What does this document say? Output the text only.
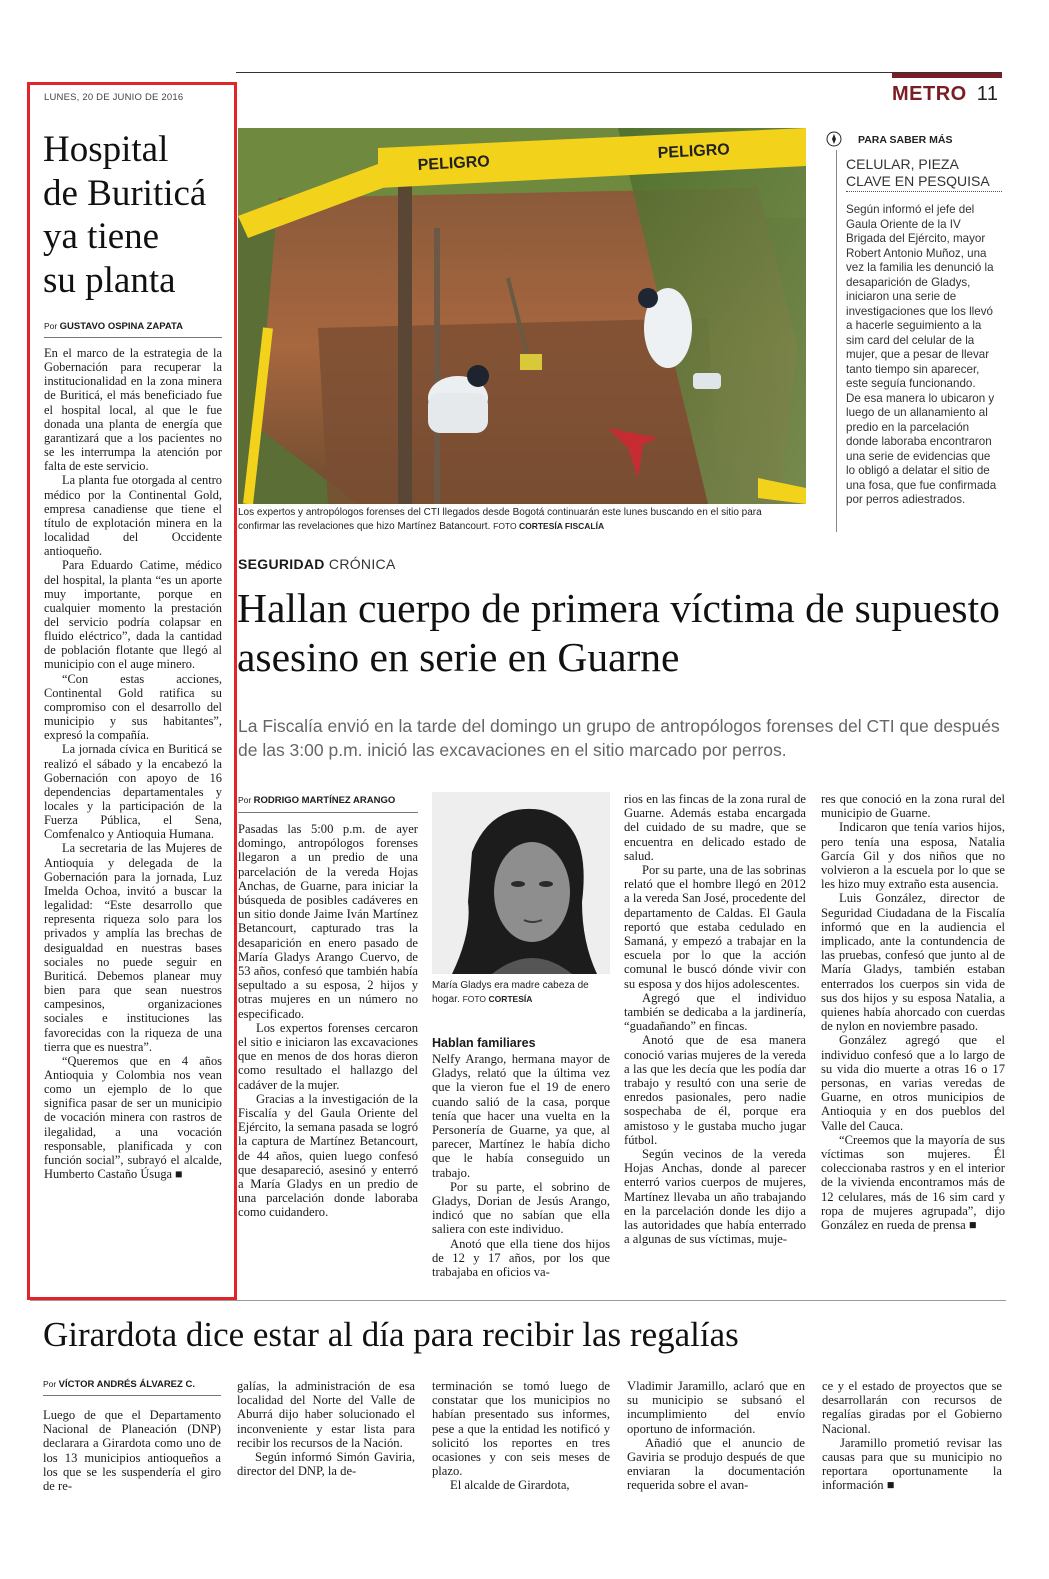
METRO 11
LUNES, 20 DE JUNIO DE 2016
Hospital
de Buriticá
ya tiene
su planta
Por GUSTAVO OSPINA ZAPATA

En el marco de la estrategia de la Gobernación para recuperar la institucionalidad en la zona minera de Buriticá, el más beneficiado fue el hospital local, al que le fue donada una planta de energía que garantizará que a los pacientes no se les interrumpa la atención por falta de este servicio.

La planta fue otorgada al centro médico por la Continental Gold, empresa canadiense que tiene el título de explotación minera en la localidad del Occidente antioqueño.

Para Eduardo Catime, médico del hospital, la planta “es un aporte muy importante, porque en cualquier momento la prestación del servicio podría colapsar en fluido eléctrico”, dada la cantidad de población flotante que llegó al municipio con el auge minero.

“Con estas acciones, Continental Gold ratifica su compromiso con el desarrollo del municipio y sus habitantes”, expresó la compañía.

La jornada cívica en Buriticá se realizó el sábado y la encabezó la Gobernación con apoyo de 16 dependencias departamentales y locales y la participación de la Fuerza Pública, el Sena, Comfenalco y Antioquia Humana.

La secretaria de las Mujeres de Antioquia y delegada de la Gobernación para la jornada, Luz Imelda Ochoa, invitó a buscar la legalidad: “Este desarrollo que representa riqueza solo para los privados y amplía las brechas de desigualdad en nuestras bases sociales no puede seguir en Buriticá. Debemos planear muy bien para que sean nuestros campesinos, organizaciones sociales e instituciones las favorecidas con la riqueza de una tierra que es nuestra”.

“Queremos que en 4 años Antioquia y Colombia nos vean como un ejemplo de lo que significa pasar de ser un municipio de vocación minera con rastros de ilegalidad, a una vocación responsable, planificada y con función social”, subrayó el alcalde, Humberto Castaño Úsuga ■

PELIGRO
PELIGRO
Los expertos y antropólogos forenses del CTI llegados desde Bogotá continuarán este lunes buscando en el sitio para confirmar las revelaciones que hizo Martínez Batancourt. FOTO CORTESÍA FISCALÍA
PARA SABER MÁS
CELULAR, PIEZA CLAVE EN PESQUISA
Según informó el jefe del Gaula Oriente de la IV Brigada del Ejército, mayor Robert Antonio Muñoz, una vez la familia les denunció la desaparición de Gladys, iniciaron una serie de investigaciones que los llevó a hacerle seguimiento a la sim card del celular de la mujer, que a pesar de llevar tanto tiempo sin aparecer, este seguía funcionando.
De esa manera lo ubicaron y luego de un allanamiento al predio en la parcelación donde laboraba encontraron una serie de evidencias que lo obligó a delatar el sitio de una fosa, que fue confirmada por perros adiestrados.
SEGURIDAD CRÓNICA
Hallan cuerpo de primera víctima de supuesto asesino en serie en Guarne
La Fiscalía envió en la tarde del domingo un grupo de antropólogos forenses del CTI que después de las 3:00 p.m. inició las excavaciones en el sitio marcado por perros.
Por RODRIGO MARTÍNEZ ARANGO

Pasadas las 5:00 p.m. de ayer domingo, antropólogos forenses llegaron a un predio de una parcelación de la vereda Hojas Anchas, de Guarne, para iniciar la búsqueda de posibles cadáveres en un sitio donde Jaime Iván Martínez Betancourt, capturado tras la desaparición en enero pasado de María Gladys Arango Cuervo, de 53 años, confesó que también había sepultado a su esposa, 2 hijos y otras mujeres en un número no especificado.

Los expertos forenses cercaron el sitio e iniciaron las excavaciones que en menos de dos horas dieron como resultado el hallazgo del cadáver de la mujer.

Gracias a la investigación de la Fiscalía y del Gaula Oriente del Ejército, la semana pasada se logró la captura de Martínez Betancourt, de 44 años, quien luego confesó que desapareció, asesinó y enterró a María Gladys en un predio de una parcelación donde laboraba como cuidandero.

María Gladys era madre cabeza de hogar. FOTO CORTESÍA
Hablan familiares

Nelfy Arango, hermana mayor de Gladys, relató que la última vez que la vieron fue el 19 de enero cuando salió de la casa, porque tenía que hacer una vuelta en la Personería de Guarne, ya que, al parecer, Martínez le había dicho que le había conseguido un trabajo.

Por su parte, el sobrino de Gladys, Dorian de Jesús Arango, indicó que no sabían que ella saliera con este individuo.

Anotó que ella tiene dos hijos de 12 y 17 años, por los que trabajaba en oficios va-

rios en las fincas de la zona rural de Guarne. Además estaba encargada del cuidado de su madre, que se encuentra en delicado estado de salud.

Por su parte, una de las sobrinas relató que el hombre llegó en 2012 a la vereda San José, procedente del departamento de Caldas. El Gaula reportó que estaba cedulado en Samaná, y empezó a trabajar en la escuela por lo que la acción comunal le buscó dónde vivir con su esposa y dos hijos adolescentes.

Agregó que el individuo también se dedicaba a la jardinería, “guadañando” en fincas.

Anotó que de esa manera conoció varias mujeres de la vereda a las que les decía que les podía dar trabajo y resultó con una serie de enredos pasionales, pero nadie sospechaba de él, porque era amistoso y le gustaba mucho jugar fútbol.

Según vecinos de la vereda Hojas Anchas, donde al parecer enterró varios cuerpos de mujeres, Martínez llevaba un año trabajando en la parcelación donde les dijo a las autoridades que había enterrado a algunas de sus víctimas, muje-

res que conoció en la zona rural del municipio de Guarne.

Indicaron que tenía varios hijos, pero tenía una esposa, Natalia García Gil y dos niños que no volvieron a la escuela por lo que se les hizo muy extraño esta ausencia.

Luis González, director de Seguridad Ciudadana de la Fiscalía informó que en la audiencia el implicado, ante la contundencia de las pruebas, confesó que junto al de María Gladys, también estaban enterrados los cuerpos sin vida de sus dos hijos y su esposa Natalia, a quienes había ahorcado con cuerdas de nylon en noviembre pasado.

González agregó que el individuo confesó que a lo largo de su vida dio muerte a otras 16 o 17 personas, en varias veredas de Guarne, en otros municipios de Antioquia y en dos pueblos del Valle del Cauca.

“Creemos que la mayoría de sus víctimas son mujeres. Él coleccionaba rastros y en el interior de la vivienda encontramos más de 12 celulares, más de 16 sim card y ropa de mujeres agrupada”, dijo González en rueda de prensa ■

Girardota dice estar al día para recibir las regalías
Por VÍCTOR ANDRÉS ÁLVAREZ C.

Luego de que el Departamento Nacional de Planeación (DNP) declarara a Girardota como uno de los 13 municipios antioqueños a los que se les suspendería el giro de re-

galías, la administración de esa localidad del Norte del Valle de Aburrá dijo haber solucionado el inconveniente y estar lista para recibir los recursos de la Nación.

Según informó Simón Gaviria, director del DNP, la de-

terminación se tomó luego de constatar que los municipios no habían presentado sus informes, pese a que la entidad les notificó y solicitó los reportes en tres ocasiones y con seis meses de plazo.

El alcalde de Girardota,

Vladimir Jaramillo, aclaró que en su municipio se subsanó el incumplimiento del envío oportuno de información.

Añadió que el anuncio de Gaviria se produjo después de que enviaran la documentación requerida sobre el avan-

ce y el estado de proyectos que se desarrollarán con recursos de regalías giradas por el Gobierno Nacional.

Jaramillo prometió revisar las causas para que su municipio no reportara oportunamente la información ■
